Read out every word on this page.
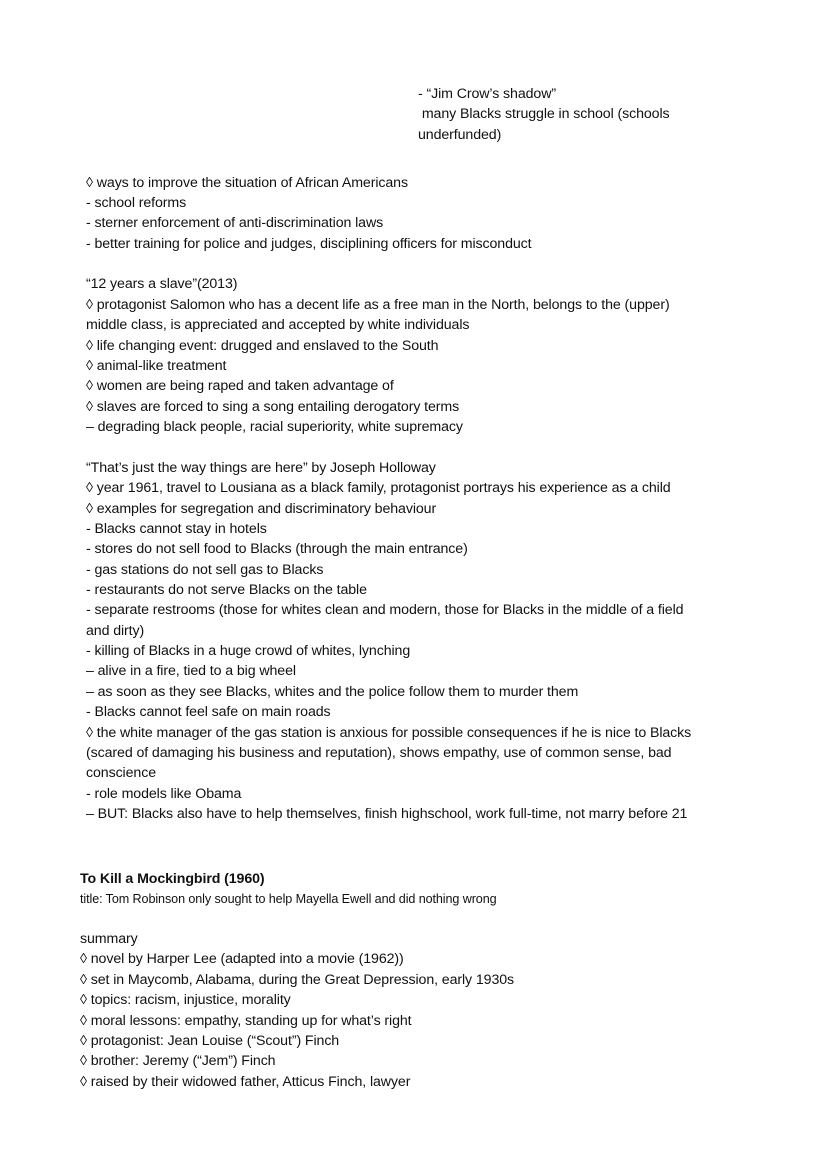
- “Jim Crow’s shadow”
many Blacks struggle in school (schools
underfunded)
◊ ways to improve the situation of African Americans
- school reforms
- sterner enforcement of anti-discrimination laws
- better training for police and judges, disciplining officers for misconduct
“12 years a slave”(2013)
◊ protagonist Salomon who has a decent life as a free man in the North, belongs to the (upper)
middle class, is appreciated and accepted by white individuals
◊ life changing event: drugged and enslaved to the South
◊ animal-like treatment
◊ women are being raped and taken advantage of
◊ slaves are forced to sing a song entailing derogatory terms
– degrading black people, racial superiority, white supremacy
“That’s just the way things are here” by Joseph Holloway
◊ year 1961, travel to Lousiana as a black family, protagonist portrays his experience as a child
◊ examples for segregation and discriminatory behaviour
- Blacks cannot stay in hotels
- stores do not sell food to Blacks (through the main entrance)
- gas stations do not sell gas to Blacks
- restaurants do not serve Blacks on the table
- separate restrooms (those for whites clean and modern, those for Blacks in the middle of a field
and dirty)
- killing of Blacks in a huge crowd of whites, lynching
– alive in a fire, tied to a big wheel
– as soon as they see Blacks, whites and the police follow them to murder them
- Blacks cannot feel safe on main roads
◊ the white manager of the gas station is anxious for possible consequences if he is nice to Blacks
(scared of damaging his business and reputation), shows empathy, use of common sense, bad
conscience
- role models like Obama
– BUT: Blacks also have to help themselves, finish highschool, work full-time, not marry before 21
To Kill a Mockingbird (1960)
title: Tom Robinson only sought to help Mayella Ewell and did nothing wrong
summary
◊ novel by Harper Lee (adapted into a movie (1962))
◊ set in Maycomb, Alabama, during the Great Depression, early 1930s
◊ topics: racism, injustice, morality
◊ moral lessons: empathy, standing up for what’s right
◊ protagonist: Jean Louise (“Scout”) Finch
◊ brother: Jeremy (“Jem”) Finch
◊ raised by their widowed father, Atticus Finch, lawyer
